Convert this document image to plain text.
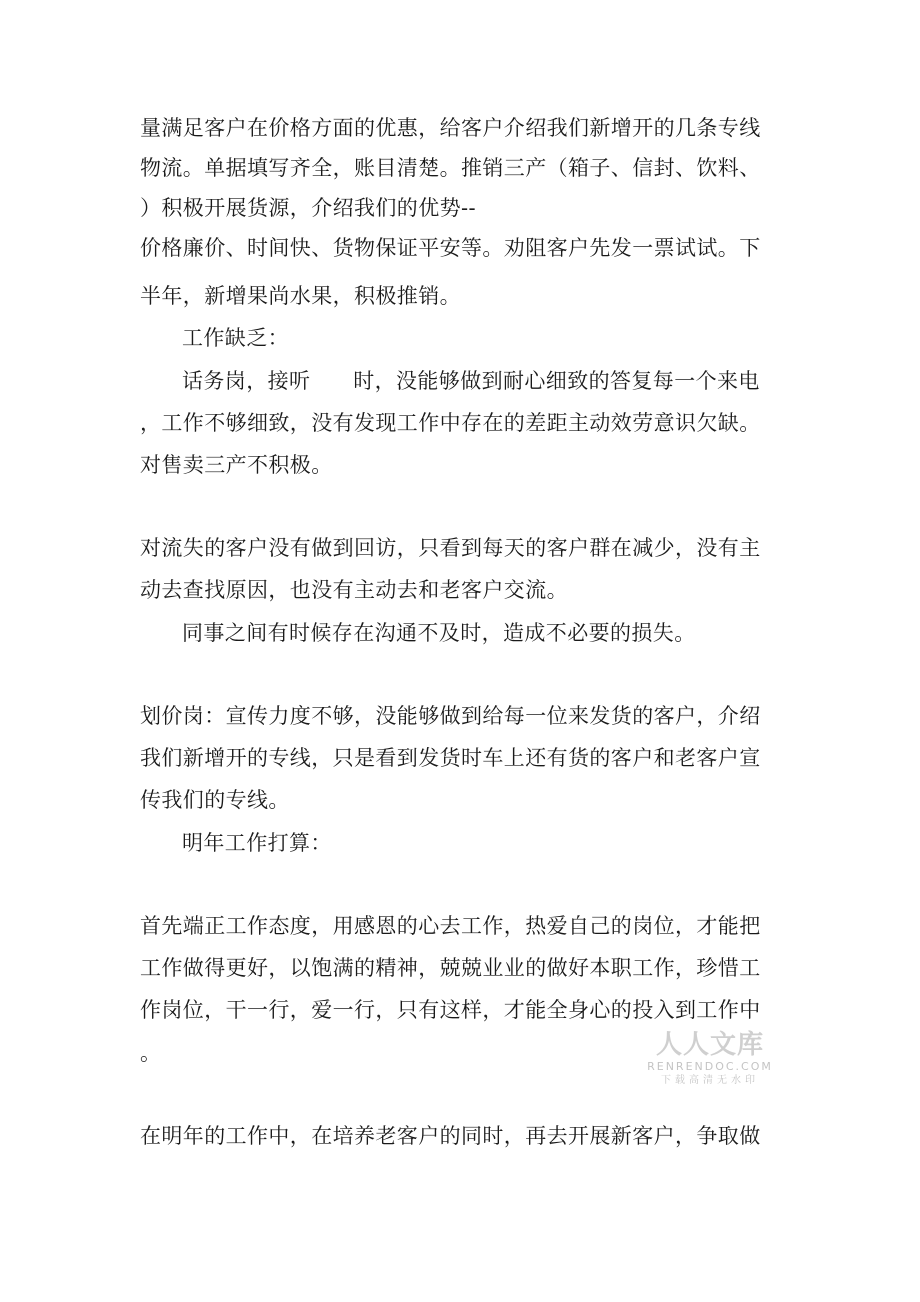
量满足客户在价格方面的优惠，给客户介绍我们新增开的几条专线
物流。单据填写齐全，账目清楚。推销三产（箱子、信封、饮料、
）积极开展货源，介绍我们的优势--
价格廉价、时间快、货物保证平安等。劝阻客户先发一票试试。下
半年，新增果尚水果，积极推销。
工作缺乏：
话务岗，接听　　时，没能够做到耐心细致的答复每一个来电
，工作不够细致，没有发现工作中存在的差距主动效劳意识欠缺。
对售卖三产不积极。
对流失的客户没有做到回访，只看到每天的客户群在减少，没有主
动去查找原因，也没有主动去和老客户交流。
同事之间有时候存在沟通不及时，造成不必要的损失。
划价岗：宣传力度不够，没能够做到给每一位来发货的客户，介绍
我们新增开的专线，只是看到发货时车上还有货的客户和老客户宣
传我们的专线。
明年工作打算：
首先端正工作态度，用感恩的心去工作，热爱自己的岗位，才能把
工作做得更好，以饱满的精神，兢兢业业的做好本职工作，珍惜工
作岗位，干一行，爱一行，只有这样，才能全身心的投入到工作中
。
在明年的工作中，在培养老客户的同时，再去开展新客户，争取做
人人文库
RENRENDOC.COM
下载高清无水印
